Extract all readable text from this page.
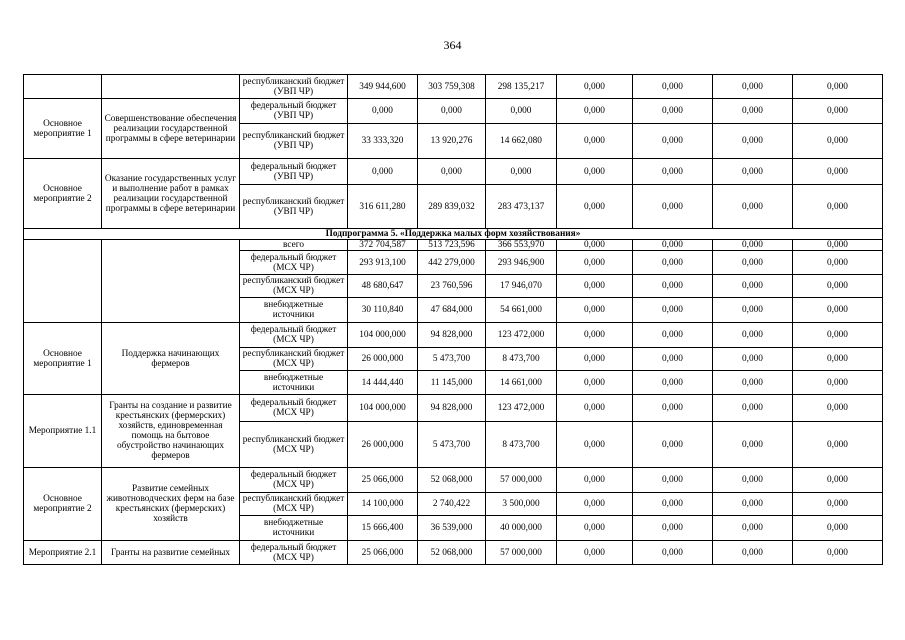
364
		республиканский бюджет (УВП ЧР)	349 944,600	303 759,308	298 135,217	0,000	0,000	0,000	0,000
Основное мероприятие 1	Совершенствование обеспечения реализации государственной программы в сфере ветеринарии	федеральный бюджет (УВП ЧР)	0,000	0,000	0,000	0,000	0,000	0,000	0,000
		республиканский бюджет (УВП ЧР)	33 333,320	13 920,276	14 662,080	0,000	0,000	0,000	0,000
Основное мероприятие 2	Оказание государственных услуг и выполнение работ в рамках реализации государственной программы в сфере ветеринарии	федеральный бюджет (УВП ЧР)	0,000	0,000	0,000	0,000	0,000	0,000	0,000
		республиканский бюджет (УВП ЧР)	316 611,280	289 839,032	283 473,137	0,000	0,000	0,000	0,000
Подпрограмма 5. «Поддержка малых форм хозяйствования»									
		всего	372 704,587	513 723,596	366 553,970	0,000	0,000	0,000	0,000
		федеральный бюджет (МСХ ЧР)	293 913,100	442 279,000	293 946,900	0,000	0,000	0,000	0,000
		республиканский бюджет (МСХ ЧР)	48 680,647	23 760,596	17 946,070	0,000	0,000	0,000	0,000
		внебюджетные источники	30 110,840	47 684,000	54 661,000	0,000	0,000	0,000	0,000
Основное мероприятие 1	Поддержка начинающих фермеров	федеральный бюджет (МСХ ЧР)	104 000,000	94 828,000	123 472,000	0,000	0,000	0,000	0,000
		республиканский бюджет (МСХ ЧР)	26 000,000	5 473,700	8 473,700	0,000	0,000	0,000	0,000
		внебюджетные источники	14 444,440	11 145,000	14 661,000	0,000	0,000	0,000	0,000
Мероприятие 1.1	Гранты на создание и развитие крестьянских (фермерских) хозяйств, единовременная помощь на бытовое обустройство начинающих фермеров	федеральный бюджет (МСХ ЧР)	104 000,000	94 828,000	123 472,000	0,000	0,000	0,000	0,000
		республиканский бюджет (МСХ ЧР)	26 000,000	5 473,700	8 473,700	0,000	0,000	0,000	0,000
Основное мероприятие 2	Развитие семейных животноводческих ферм на базе крестьянских (фермерских) хозяйств	федеральный бюджет (МСХ ЧР)	25 066,000	52 068,000	57 000,000	0,000	0,000	0,000	0,000
		республиканский бюджет (МСХ ЧР)	14 100,000	2 740,422	3 500,000	0,000	0,000	0,000	0,000
		внебюджетные источники	15 666,400	36 539,000	40 000,000	0,000	0,000	0,000	0,000
Мероприятие 2.1	Гранты на развитие семейных	федеральный бюджет (МСХ ЧР)	25 066,000	52 068,000	57 000,000	0,000	0,000	0,000	0,000
